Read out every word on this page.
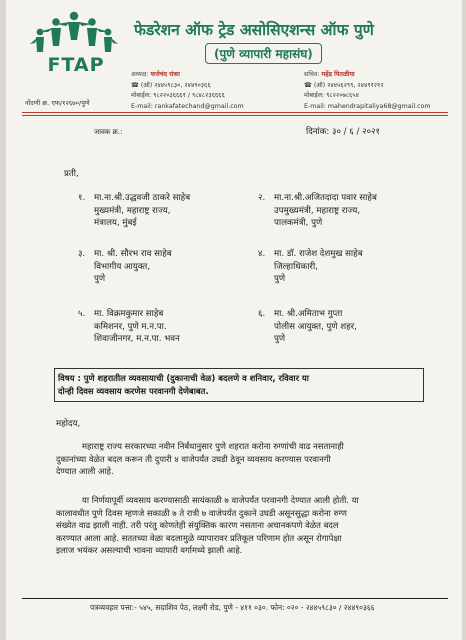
FTAP
नोंदणी क्र. एफ/१२६७०/पुणे
फेडरेशन ऑफ ट्रेड असोसिएशन्स ऑफ पुणे
(पुणे व्यापारी महासंघ)
अध्यक्ष: फत्तेचंद रांका
☎ (ऑ) २४४५९८३०, २४४९०३६६
मोबाईल: ९८२२०३६६६१ / ९८४८२३६६६६
E-mail: rankafatechand@gmail.com
सचिव: महेंद्र पितळीया
☎ (ऑ) २४४५६२९९, २४४९१२१२
मोबाईल: ९८२२०७८६५४
E-mail: mahendrapitaliya68@gmail.com
जावक क्र.:	दिनांक: ३० / ६ / २०२१
प्रती,
१. मा.ना.श्री.उद्धवजी ठाकरे साहेब
मुख्यमंत्री, महाराष्ट्र राज्य,
मंत्रालय, मुंबई
२. मा.ना.श्री.अजितदादा पवार साहेब
उपमुख्यमंत्री, महाराष्ट्र राज्य,
पालकमंत्री, पुणे
३. मा. श्री. सौरभ राव साहेब
विभागीय आयुक्त,
पुणे
४. मा. डॉ. राजेश देशमुख साहेब
जिल्हाधिकारी,
पुणे
५. मा. विक्रमकुमार साहेब
कमिशनर, पुणे म.न.पा.
शिवाजीनगर, म.न.पा. भवन
६. मा. श्री.अमिताभ गुप्ता
पोलीस आयुक्त, पुणे शहर,
पुणे
विषय : पुणे शहरातील व्यवसायाची (दुकानाची वेळ) बदलणे व शनिवार, रविवार या
दोन्ही दिवस व्यवसाय करणेस परवानगी देणेबाबत.
महोदय,
महाराष्ट्र राज्य सरकारच्या नवीन निर्बंधानुसार पुणे शहरात करोना रुग्णांची वाढ नसतानाही
दुकानांच्या वेळेत बदल करून ती दुपारी ४ वाजेपर्यंत उघडी ठेवून व्यवसाय करण्यास परवानगी
देण्यात आली आहे.
या निर्णयापूर्वी व्यवसाय करण्यासाठी सायंकाळी ७ वाजेपर्यंत परवानगी देण्यात आली होती. या
कालावधीत पुणे दिवस म्हणजे सकाळी ७ ते रात्री ७ वाजेपर्यंत दुकाने उघडी असूनसुद्धा करोना रुग्ण
संख्येत वाढ झाली नाही. तरी परंतु कोणतेही संयुक्तिक कारण नसताना अचानकपणे वेळेत बदल
करण्यात आला आहे. सततच्या वेळा बदलामुळे व्यापारावर प्रतिकूल परिणाम होत असून रोगापेक्षा
इलाज भयंकर असल्याची भावना व्यापारी वर्गामध्ये झाली आहे.
पत्रव्यवहार पत्ता:- ५४५, सदाशिव पेठ, लक्ष्मी रोड, पुणे - ४११ ०३०. फोन: ०२० - २४४५९८३० / २४४९०३६६
